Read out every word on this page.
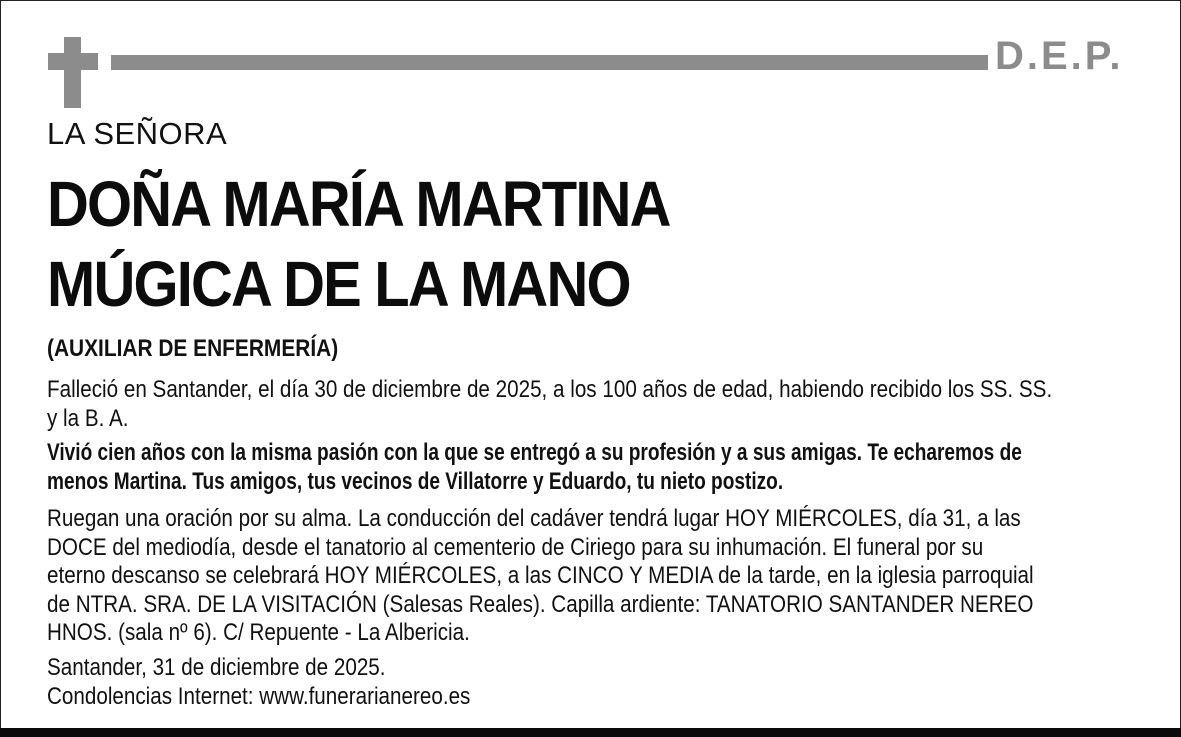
D.E.P.
LA SEÑORA
DOÑA MARÍA MARTINA
MÚGICA DE LA MANO
(AUXILIAR DE ENFERMERÍA)
Falleció en Santander, el día 30 de diciembre de 2025, a los 100 años de edad, habiendo recibido los SS. SS.
y la B. A.
Vivió cien años con la misma pasión con la que se entregó a su profesión y a sus amigas. Te echaremos de
menos Martina. Tus amigos, tus vecinos de Villatorre y Eduardo, tu nieto postizo.
Ruegan una oración por su alma. La conducción del cadáver tendrá lugar HOY MIÉRCOLES, día 31, a las
DOCE del mediodía, desde el tanatorio al cementerio de Ciriego para su inhumación. El funeral por su
eterno descanso se celebrará HOY MIÉRCOLES, a las CINCO Y MEDIA de la tarde, en la iglesia parroquial
de NTRA. SRA. DE LA VISITACIÓN (Salesas Reales). Capilla ardiente: TANATORIO SANTANDER NEREO
HNOS. (sala nº 6). C/ Repuente - La Albericia.
Santander, 31 de diciembre de 2025.
Condolencias Internet: www.funerarianereo.es
